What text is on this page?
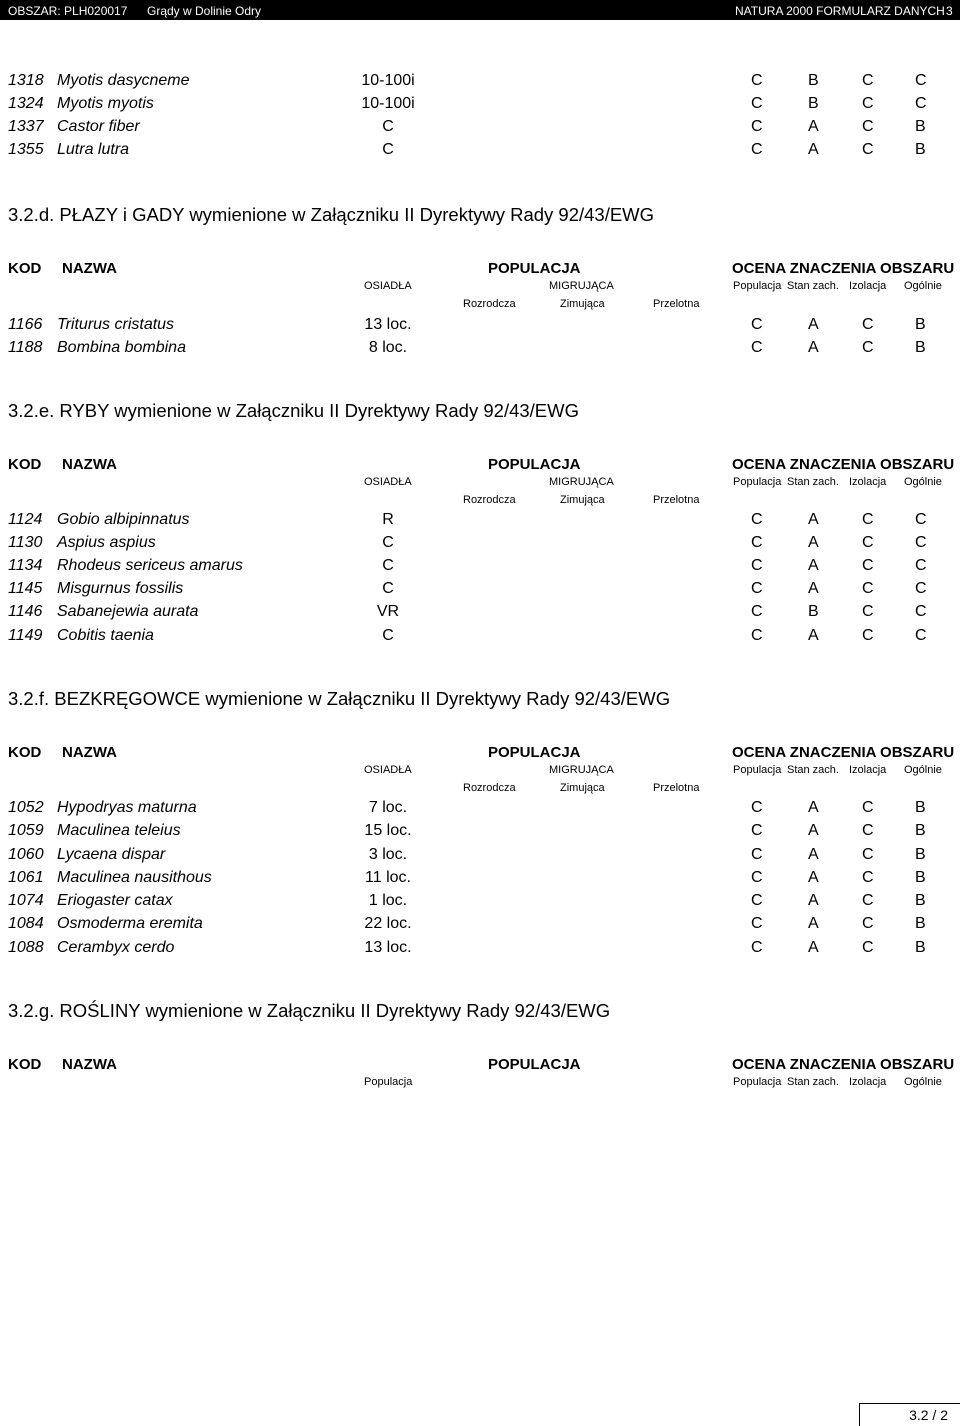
OBSZAR: PLH020017 Grądy w Dolinie Odry	NATURA 2000 FORMULARZ DANYCH 3
1318 Myotis dasycneme	10-100i	C	B	C	C
1324 Myotis myotis	10-100i	C	B	C	C
1337 Castor fiber	C	C	A	C	B
1355 Lutra lutra	C	C	A	C	B
3.2.d. PŁAZY i GADY wymienione w Załączniku II Dyrektywy Rady 92/43/EWG
KOD NAZWA	POPULACJA	OCENA ZNACZENIA OBSZARU
OSIADŁA	MIGRUJĄCA	Populacja Stan zach. Izolacja Ogólnie
Rozrodcza	Zimująca	Przelotna
1166 Triturus cristatus	13 loc.	C	A	C	B
1188 Bombina bombina	8 loc.	C	A	C	B
3.2.e. RYBY wymienione w Załączniku II Dyrektywy Rady 92/43/EWG
KOD NAZWA	POPULACJA	OCENA ZNACZENIA OBSZARU
OSIADŁA	MIGRUJĄCA	Populacja Stan zach. Izolacja Ogólnie
Rozrodcza	Zimująca	Przelotna
1124 Gobio albipinnatus	R	C	A	C	C
1130 Aspius aspius	C	C	A	C	C
1134 Rhodeus sericeus amarus	C	C	A	C	C
1145 Misgurnus fossilis	C	C	A	C	C
1146 Sabanejewia aurata	VR	C	B	C	C
1149 Cobitis taenia	C	C	A	C	C
3.2.f. BEZKRĘGOWCE wymienione w Załączniku II Dyrektywy Rady 92/43/EWG
KOD NAZWA	POPULACJA	OCENA ZNACZENIA OBSZARU
OSIADŁA	MIGRUJĄCA	Populacja Stan zach. Izolacja Ogólnie
Rozrodcza	Zimująca	Przelotna
1052 Hypodryas maturna	7 loc.	C	A	C	B
1059 Maculinea teleius	15 loc.	C	A	C	B
1060 Lycaena dispar	3 loc.	C	A	C	B
1061 Maculinea nausithous	11 loc.	C	A	C	B
1074 Eriogaster catax	1 loc.	C	A	C	B
1084 Osmoderma eremita	22 loc.	C	A	C	B
1088 Cerambyx cerdo	13 loc.	C	A	C	B
3.2.g. ROŚLINY wymienione w Załączniku II Dyrektywy Rady 92/43/EWG
KOD NAZWA	POPULACJA	OCENA ZNACZENIA OBSZARU
Populacja	Populacja Stan zach. Izolacja Ogólnie
3.2 / 2
